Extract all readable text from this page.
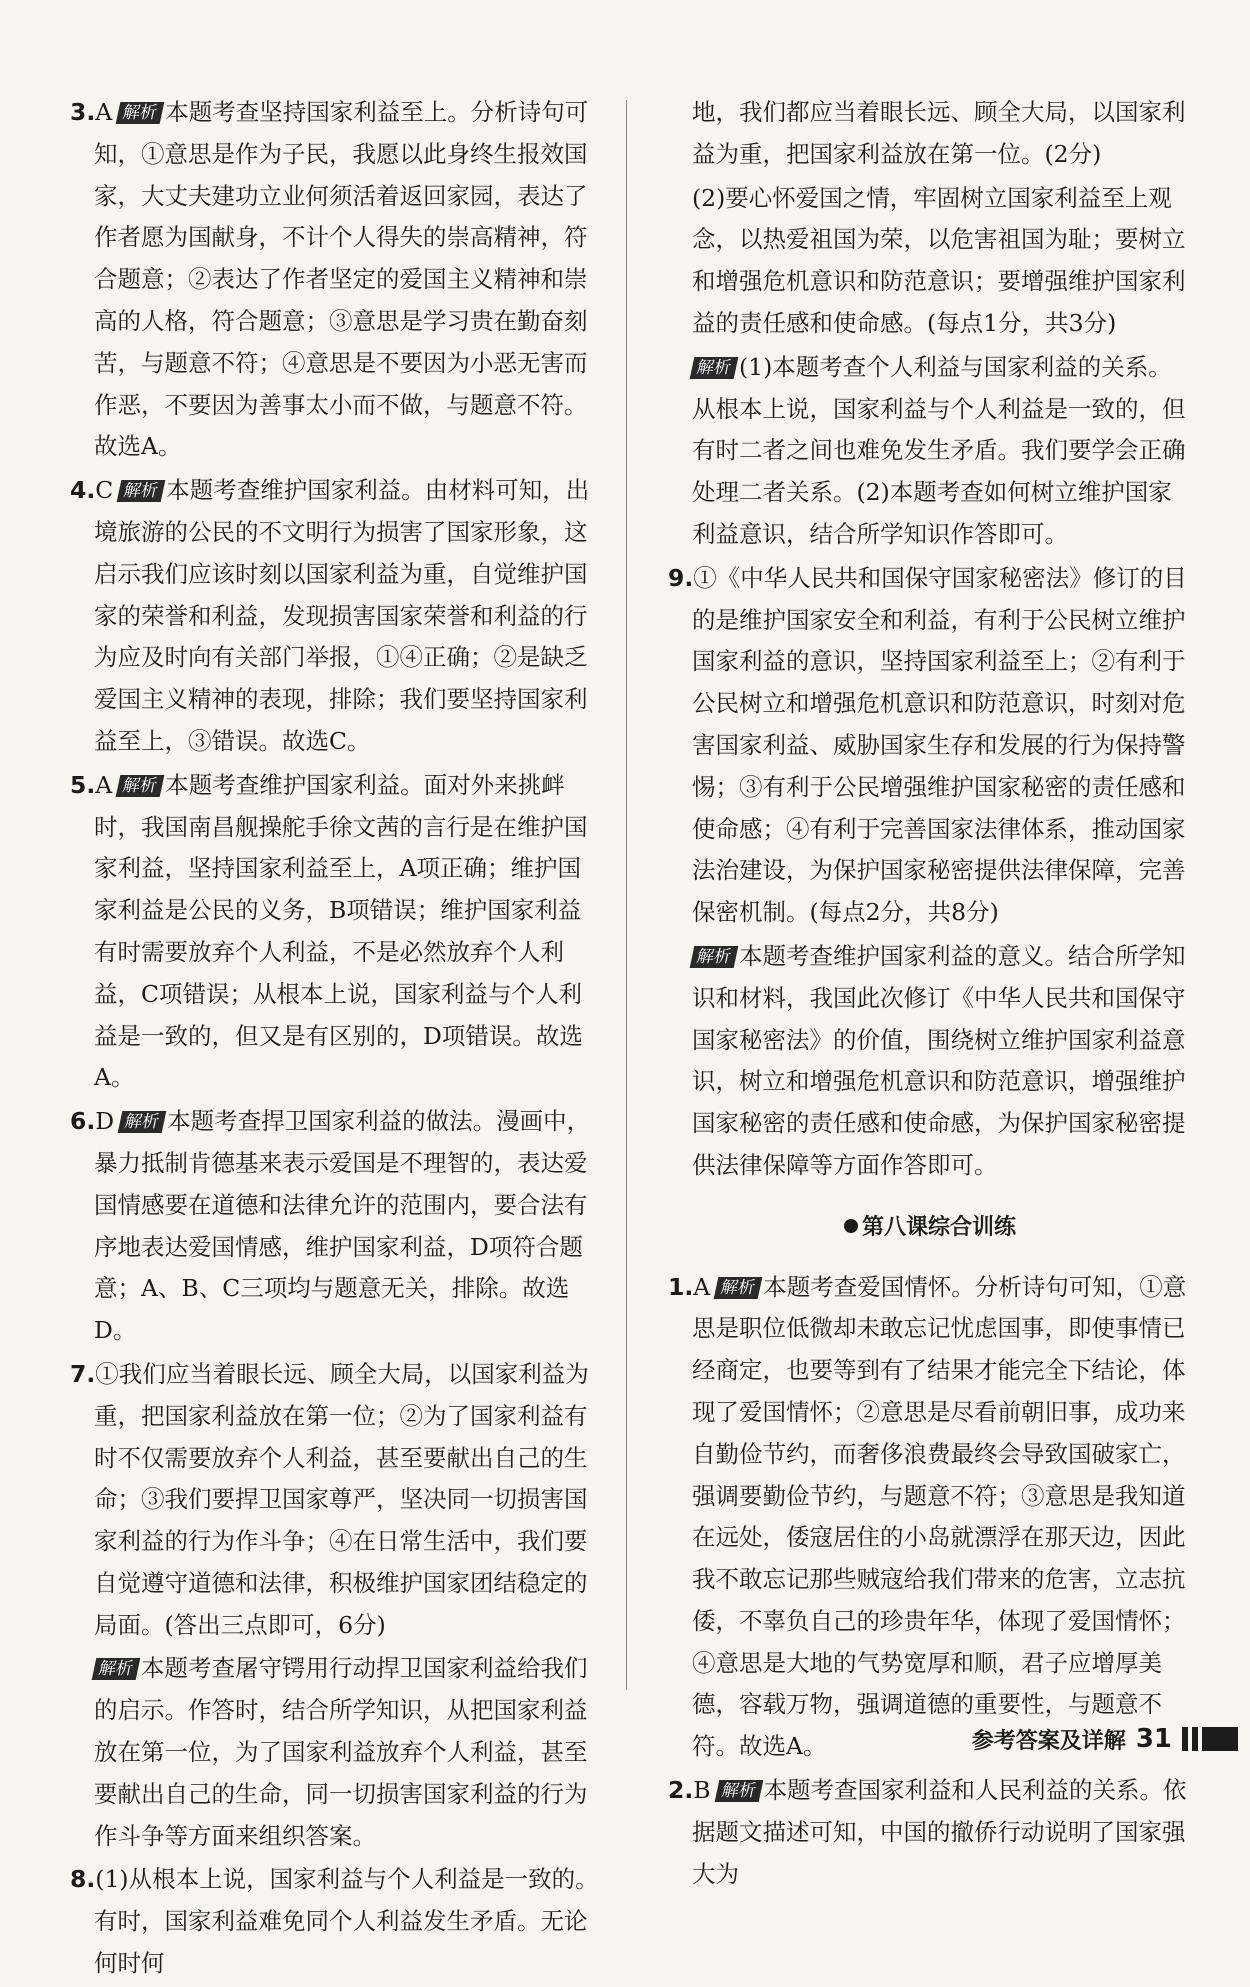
3.A 解析 本题考查坚持国家利益至上。分析诗句可知，①意思是作为子民，我愿以此身终生报效国家，大丈夫建功立业何须活着返回家园，表达了作者愿为国献身，不计个人得失的崇高精神，符合题意；②表达了作者坚定的爱国主义精神和崇高的人格，符合题意；③意思是学习贵在勤奋刻苦，与题意不符；④意思是不要因为小恶无害而作恶，不要因为善事太小而不做，与题意不符。故选A。

4.C 解析 本题考查维护国家利益。由材料可知，出境旅游的公民的不文明行为损害了国家形象，这启示我们应该时刻以国家利益为重，自觉维护国家的荣誉和利益，发现损害国家荣誉和利益的行为应及时向有关部门举报，①④正确；②是缺乏爱国主义精神的表现，排除；我们要坚持国家利益至上，③错误。故选C。

5.A 解析 本题考查维护国家利益。面对外来挑衅时，我国南昌舰操舵手徐文茜的言行是在维护国家利益，坚持国家利益至上，A项正确；维护国家利益是公民的义务，B项错误；维护国家利益有时需要放弃个人利益，不是必然放弃个人利益，C项错误；从根本上说，国家利益与个人利益是一致的，但又是有区别的，D项错误。故选A。

6.D 解析 本题考查捍卫国家利益的做法。漫画中，暴力抵制肯德基来表示爱国是不理智的，表达爱国情感要在道德和法律允许的范围内，要合法有序地表达爱国情感，维护国家利益，D项符合题意；A、B、C三项均与题意无关，排除。故选D。

7.①我们应当着眼长远、顾全大局，以国家利益为重，把国家利益放在第一位；②为了国家利益有时不仅需要放弃个人利益，甚至要献出自己的生命；③我们要捍卫国家尊严，坚决同一切损害国家利益的行为作斗争；④在日常生活中，我们要自觉遵守道德和法律，积极维护国家团结稳定的局面。(答出三点即可，6分)

解析 本题考查屠守锷用行动捍卫国家利益给我们的启示。作答时，结合所学知识，从把国家利益放在第一位，为了国家利益放弃个人利益，甚至要献出自己的生命，同一切损害国家利益的行为作斗争等方面来组织答案。

8.(1)从根本上说，国家利益与个人利益是一致的。有时，国家利益难免同个人利益发生矛盾。无论何时何

地，我们都应当着眼长远、顾全大局，以国家利益为重，把国家利益放在第一位。(2分)

(2)要心怀爱国之情，牢固树立国家利益至上观念，以热爱祖国为荣，以危害祖国为耻；要树立和增强危机意识和防范意识；要增强维护国家利益的责任感和使命感。(每点1分，共3分)

解析 (1)本题考查个人利益与国家利益的关系。从根本上说，国家利益与个人利益是一致的，但有时二者之间也难免发生矛盾。我们要学会正确处理二者关系。(2)本题考查如何树立维护国家利益意识，结合所学知识作答即可。

9.①《中华人民共和国保守国家秘密法》修订的目的是维护国家安全和利益，有利于公民树立维护国家利益的意识，坚持国家利益至上；②有利于公民树立和增强危机意识和防范意识，时刻对危害国家利益、威胁国家生存和发展的行为保持警惕；③有利于公民增强维护国家秘密的责任感和使命感；④有利于完善国家法律体系，推动国家法治建设，为保护国家秘密提供法律保障，完善保密机制。(每点2分，共8分)

解析 本题考查维护国家利益的意义。结合所学知识和材料，我国此次修订《中华人民共和国保守国家秘密法》的价值，围绕树立维护国家利益意识，树立和增强危机意识和防范意识，增强维护国家秘密的责任感和使命感，为保护国家秘密提供法律保障等方面作答即可。

第八课综合训练

1.A 解析 本题考查爱国情怀。分析诗句可知，①意思是职位低微却未敢忘记忧虑国事，即使事情已经商定，也要等到有了结果才能完全下结论，体现了爱国情怀；②意思是尽看前朝旧事，成功来自勤俭节约，而奢侈浪费最终会导致国破家亡，强调要勤俭节约，与题意不符；③意思是我知道在远处，倭寇居住的小岛就漂浮在那天边，因此我不敢忘记那些贼寇给我们带来的危害，立志抗倭，不辜负自己的珍贵年华，体现了爱国情怀；④意思是大地的气势宽厚和顺，君子应增厚美德，容载万物，强调道德的重要性，与题意不符。故选A。

2.B 解析 本题考查国家利益和人民利益的关系。依据题文描述可知，中国的撤侨行动说明了国家强大为

参考答案及详解 31
